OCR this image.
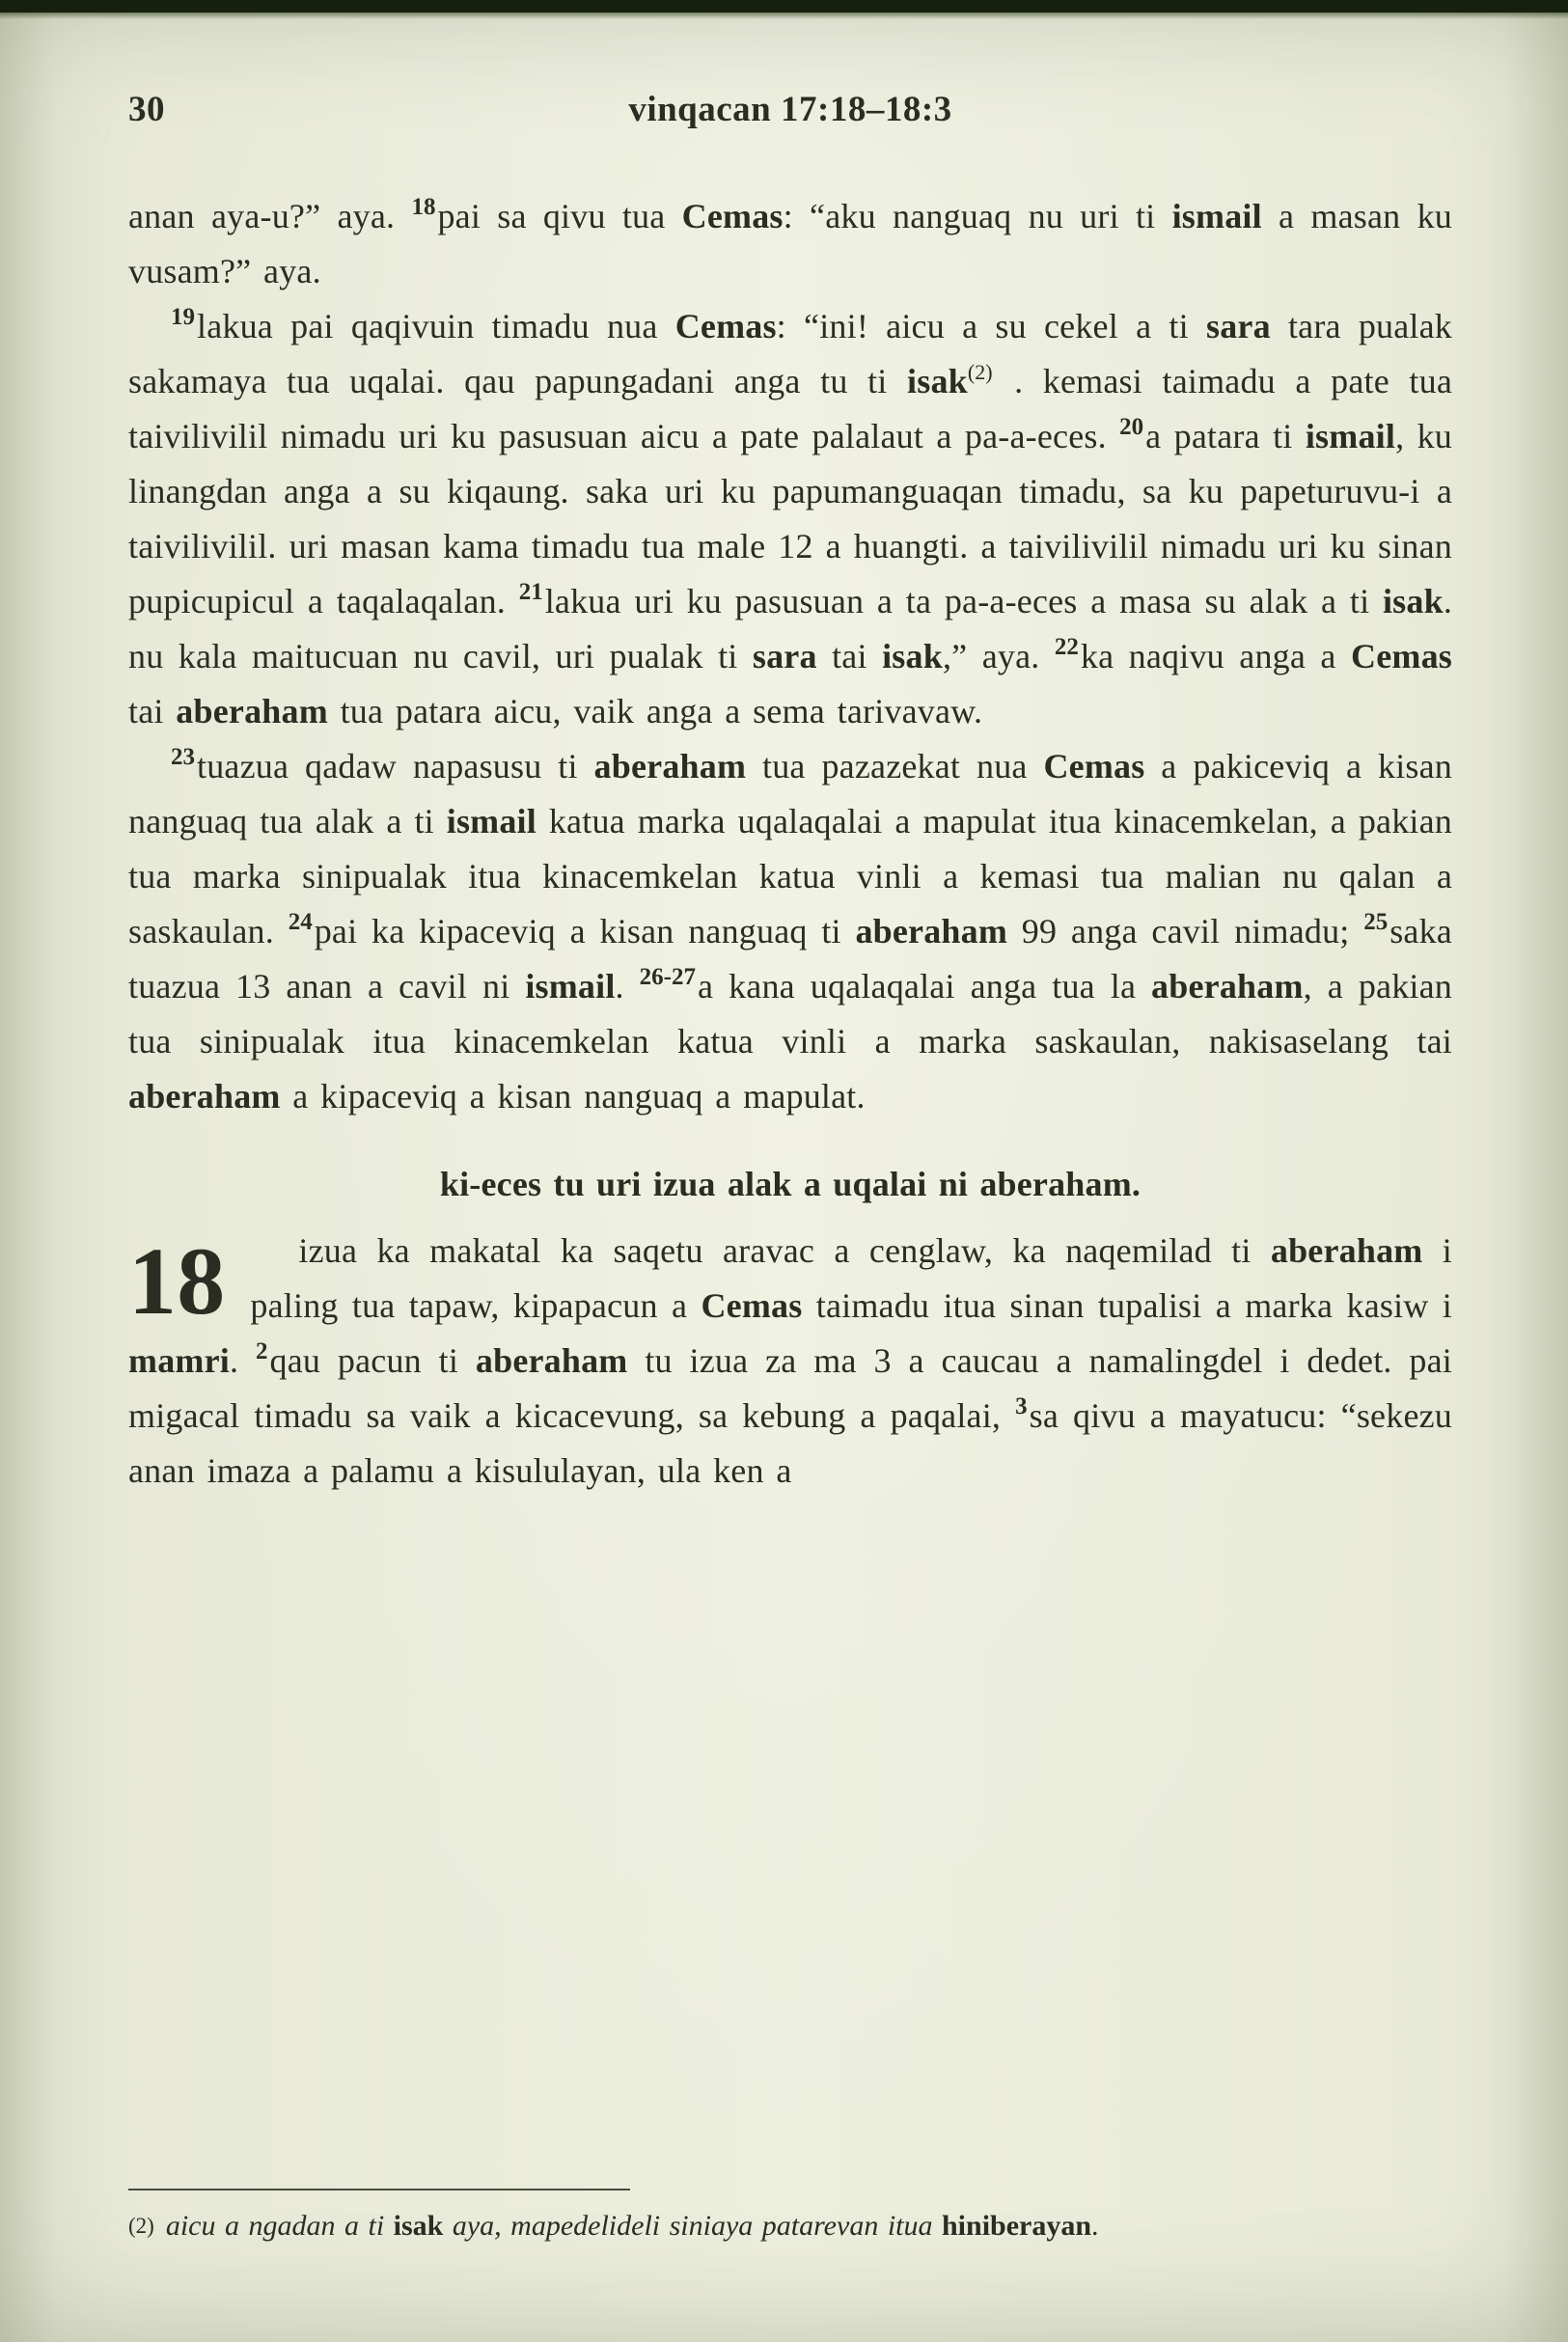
30	vinqacan 17:18–18:3

anan aya-u?” aya. $^{18}$pai sa qivu tua Cemas: “aku nanguaq nu uri ti ismail a masan ku vusam?” aya.

$^{19}$lakua pai qaqivuin timadu nua Cemas: “ini! aicu a su cekel a ti sara tara pualak sakamaya tua uqalai. qau papungadani anga tu ti isak$^{(2)}$ . kemasi taimadu a pate tua taivilivilil nimadu uri ku pasusuan aicu a pate palalaut a pa-a-eces. $^{20}$a patara ti ismail, ku linangdan anga a su kiqaung. saka uri ku papumanguaqan timadu, sa ku papeturuvu-i a taivilivilil. uri masan kama timadu tua male 12 a huangti. a taivilivilil nimadu uri ku sinan pupicupicul a taqalaqalan. $^{21}$lakua uri ku pasusuan a ta pa-a-eces a masa su alak a ti isak. nu kala maitucuan nu cavil, uri pualak ti sara tai isak,” aya. $^{22}$ka naqivu anga a Cemas tai aberaham tua patara aicu, vaik anga a sema tarivavaw.

$^{23}$tuazua qadaw napasusu ti aberaham tua pazazekat nua Cemas a pakiceviq a kisan nanguaq tua alak a ti ismail katua marka uqalaqalai a mapulat itua kinacemkelan, a pakian tua marka sinipualak itua kinacemkelan katua vinli a kemasi tua malian nu qalan a saskaulan. $^{24}$pai ka kipaceviq a kisan nanguaq ti aberaham 99 anga cavil nimadu; $^{25}$saka tuazua 13 anan a cavil ni ismail. $^{26-27}$a kana uqalaqalai anga tua la aberaham, a pakian tua sinipualak itua kinacemkelan katua vinli a marka saskaulan, nakisaselang tai aberaham a kipaceviq a kisan nanguaq a mapulat.

ki-eces tu uri izua alak a uqalai ni aberaham.
18	izua ka makatal ka saqetu aravac a cenglaw, ka naqemilad ti aberaham i paling tua tapaw, kipapacun a Cemas taimadu itua sinan tupalisi a marka kasiw i mamri. $^2$qau pacun ti aberaham tu izua za ma 3 a caucau a namalingdel i dedet. pai migacal timadu sa vaik a kicacevung, sa kebung a paqalai, $^3$sa qivu a mayatucu: “sekezu anan imaza a palamu a kisululayan, ula ken a

(2) aicu a ngadan a ti isak aya, mapedelideli siniaya patarevan itua hiniberayan.
